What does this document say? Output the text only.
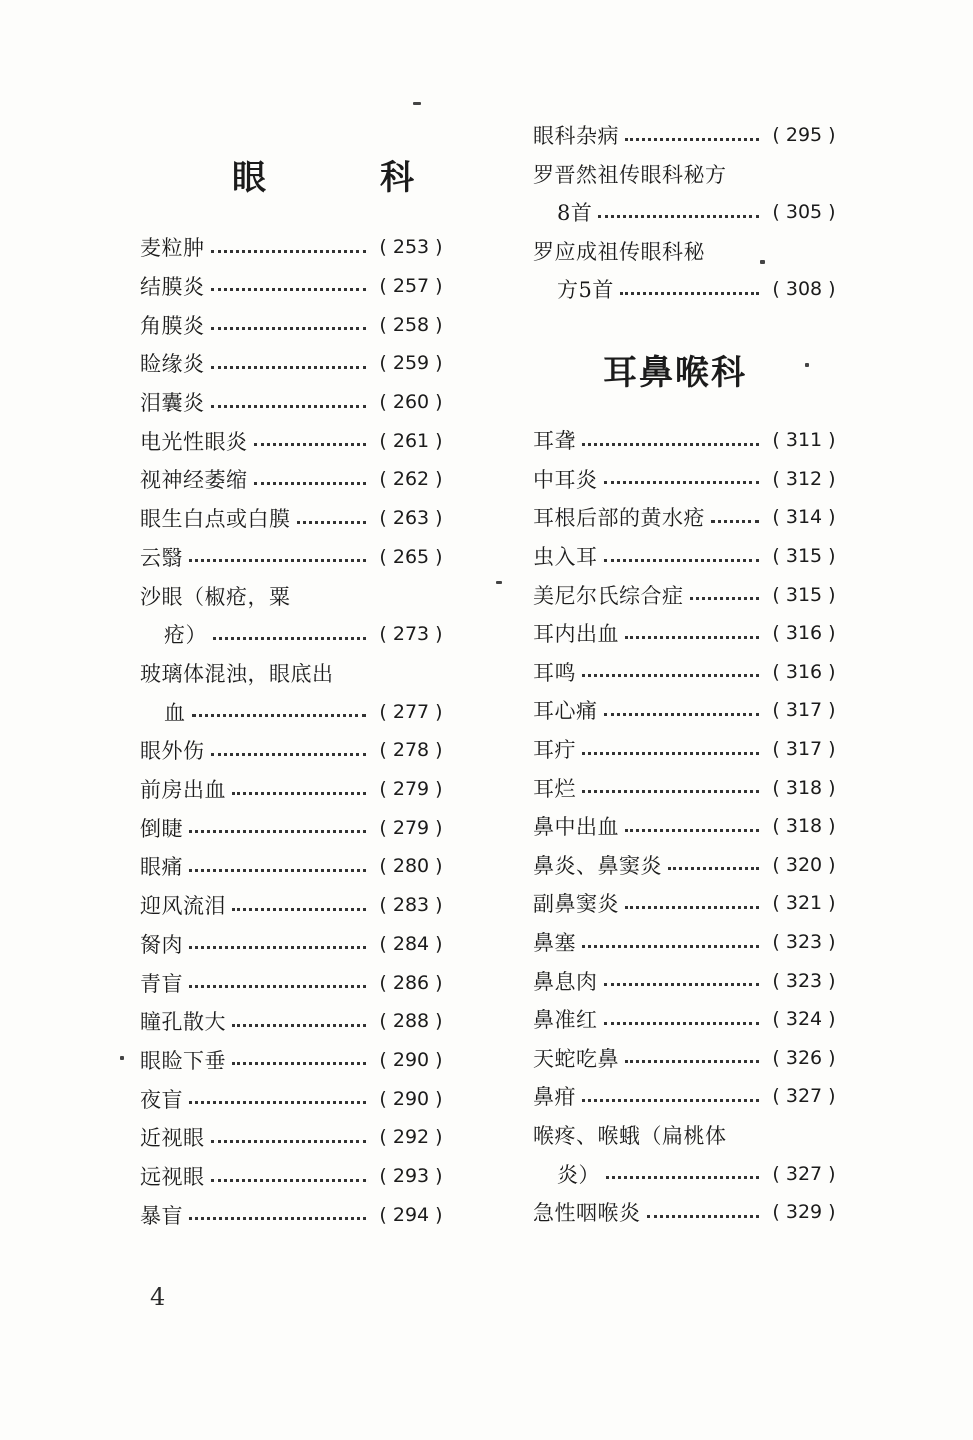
眼　科
耳鼻喉科
麦粒肿	( 253 )
结膜炎	( 257 )
角膜炎	( 258 )
睑缘炎	( 259 )
泪囊炎	( 260 )
电光性眼炎	( 261 )
视神经萎缩	( 262 )
眼生白点或白膜	( 263 )
云翳	( 265 )
沙眼（椒疮，粟
疮）	( 273 )
玻璃体混浊，眼底出
血	( 277 )
眼外伤	( 278 )
前房出血	( 279 )
倒睫	( 279 )
眼痛	( 280 )
迎风流泪	( 283 )
胬肉	( 284 )
青盲	( 286 )
瞳孔散大	( 288 )
眼睑下垂	( 290 )
夜盲	( 290 )
近视眼	( 292 )
远视眼	( 293 )
暴盲	( 294 )
眼科杂病	( 295 )
罗晋然祖传眼科秘方
8首	( 305 )
罗应成祖传眼科秘
方5首	( 308 )
耳聋	( 311 )
中耳炎	( 312 )
耳根后部的黄水疮	( 314 )
虫入耳	( 315 )
美尼尔氏综合症	( 315 )
耳内出血	( 316 )
耳鸣	( 316 )
耳心痛	( 317 )
耳疔	( 317 )
耳烂	( 318 )
鼻中出血	( 318 )
鼻炎、鼻窦炎	( 320 )
副鼻窦炎	( 321 )
鼻塞	( 323 )
鼻息肉	( 323 )
鼻准红	( 324 )
天蛇吃鼻	( 326 )
鼻疳	( 327 )
喉疼、喉蛾（扁桃体
炎）	( 327 )
急性咽喉炎	( 329 )
4
